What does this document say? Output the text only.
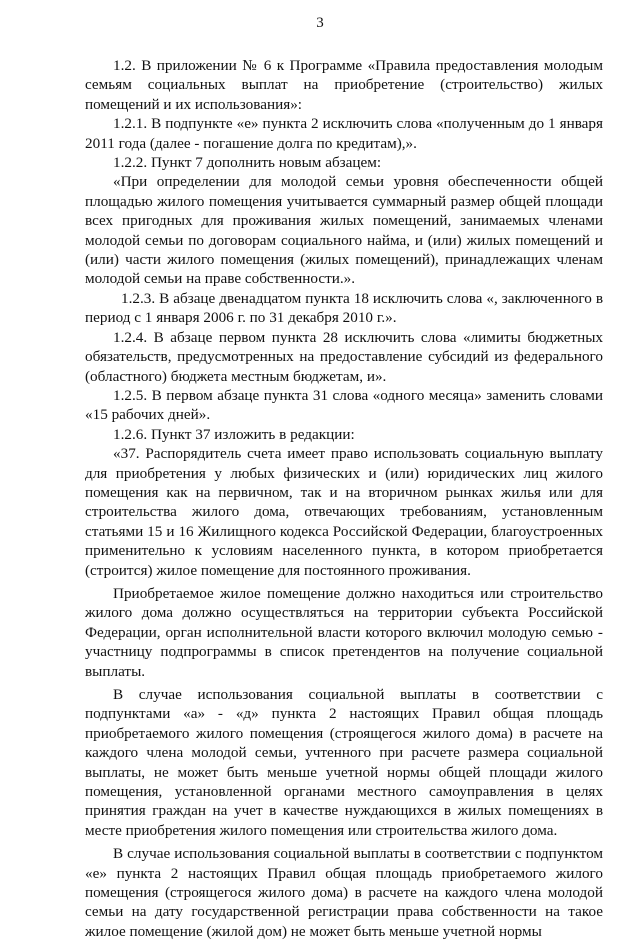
3

1.2. В приложении № 6 к Программе «Правила предоставления молодым семьям социальных выплат на приобретение (строительство) жилых помещений и их использования»:

1.2.1. В подпункте «е» пункта 2 исключить слова «полученным до 1 января 2011 года (далее - погашение долга по кредитам),».

1.2.2. Пункт 7 дополнить новым абзацем:

«При определении для молодой семьи уровня обеспеченности общей площадью жилого помещения учитывается суммарный размер общей площади всех пригодных для проживания жилых помещений, занимаемых членами молодой семьи по договорам социального найма, и (или) жилых помещений и (или) части жилого помещения (жилых помещений), принадлежащих членам молодой семьи на праве собственности.».

1.2.3. В абзаце двенадцатом пункта 18 исключить слова «, заключенного в период с 1 января 2006 г. по 31 декабря 2010 г.».

1.2.4. В абзаце первом пункта 28 исключить слова «лимиты бюджетных обязательств, предусмотренных на предоставление субсидий из федерального (областного) бюджета местным бюджетам, и».

1.2.5. В первом абзаце пункта 31 слова «одного месяца» заменить словами «15 рабочих дней».

1.2.6. Пункт 37 изложить в редакции:

«37. Распорядитель счета имеет право использовать социальную выплату для приобретения у любых физических и (или) юридических лиц жилого помещения как на первичном, так и на вторичном рынках жилья или для строительства жилого дома, отвечающих требованиям, установленным статьями 15 и 16 Жилищного кодекса Российской Федерации, благоустроенных применительно к условиям населенного пункта, в котором приобретается (строится) жилое помещение для постоянного проживания.

Приобретаемое жилое помещение должно находиться или строительство жилого дома должно осуществляться на территории субъекта Российской Федерации, орган исполнительной власти которого включил молодую семью - участницу подпрограммы в список претендентов на получение социальной выплаты.

В случае использования социальной выплаты в соответствии с подпунктами «а» - «д» пункта 2 настоящих Правил общая площадь приобретаемого жилого помещения (строящегося жилого дома) в расчете на каждого члена молодой семьи, учтенного при расчете размера социальной выплаты, не может быть меньше учетной нормы общей площади жилого помещения, установленной органами местного самоуправления в целях принятия граждан на учет в качестве нуждающихся в жилых помещениях в месте приобретения жилого помещения или строительства жилого дома.

В случае использования социальной выплаты в соответствии с подпунктом «е» пункта 2 настоящих Правил общая площадь приобретаемого жилого помещения (строящегося жилого дома) в расчете на каждого члена молодой семьи на дату государственной регистрации права собственности на такое жилое помещение (жилой дом) не может быть меньше учетной нормы
